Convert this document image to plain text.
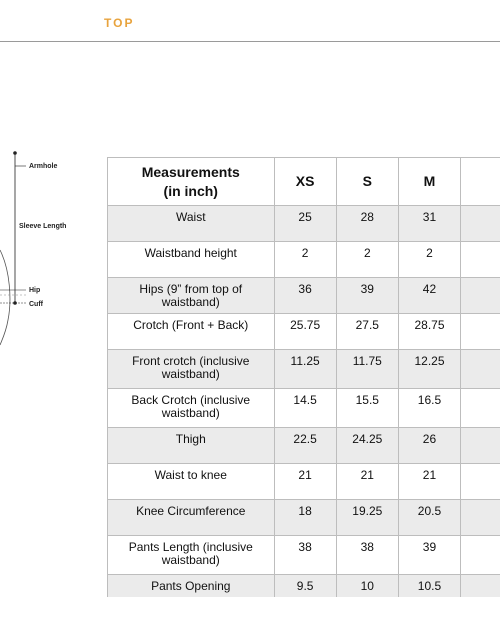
TOP
Armhole
Sleeve Length
Hip
Cuff
Measurements
(in inch)	XS	S	M	
Waist	25	28	31	
Waistband height	2	2	2	
Hips (9” from top of waistband)	36	39	42	
Crotch (Front + Back)	25.75	27.5	28.75	
Front crotch (inclusive waistband)	11.25	11.75	12.25	
Back Crotch (inclusive waistband)	14.5	15.5	16.5	
Thigh	22.5	24.25	26	
Waist to knee	21	21	21	
Knee Circumference	18	19.25	20.5	
Pants Length (inclusive waistband)	38	38	39	
Pants Opening	9.5	10	10.5	
